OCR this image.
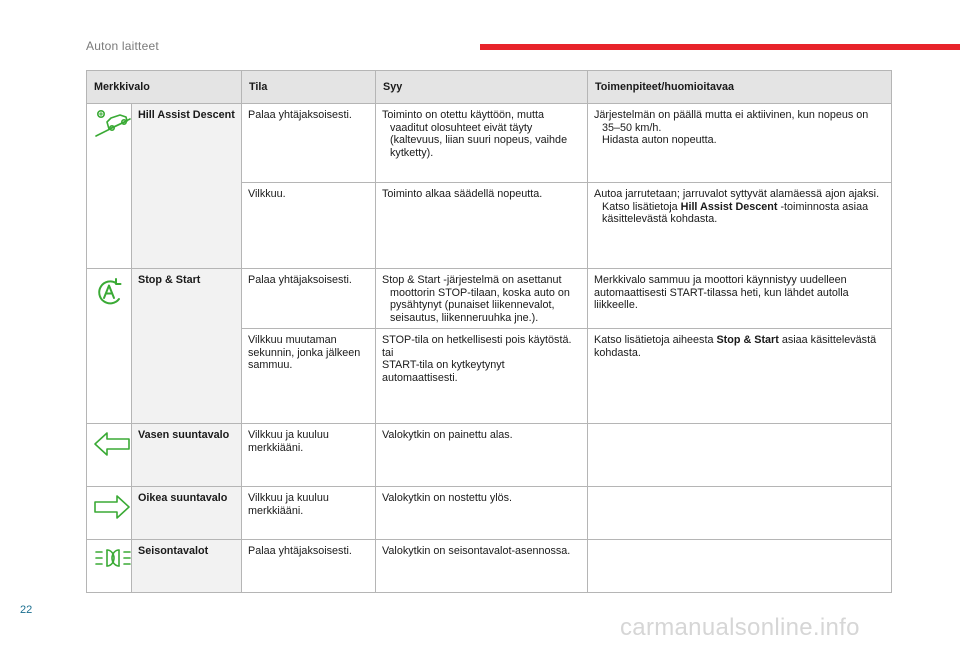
Auton laitteet
Merkkivalo		Tila	Syy	Toimenpiteet/huomioitavaa

	Hill Assist Descent	Palaa yhtäjaksoisesti.	Toiminto on otettu käyttöön, mutta vaaditut olosuhteet eivät täyty (kaltevuus, liian suuri nopeus, vaihde kytketty).	Järjestelmän on päällä mutta ei aktiivinen, kun nopeus on 35–50 km/h.
Hidasta auton nopeutta.

		Vilkkuu.	Toiminto alkaa säädellä nopeutta.	Autoa jarrutetaan; jarruvalot syttyvät alamäessä ajon ajaksi.
Katso lisätietoja Hill Assist Descent -toiminnosta asiaa käsittelevästä kohdasta.

	Stop & Start	Palaa yhtäjaksoisesti.	Stop & Start -järjestelmä on asettanut moottorin STOP-tilaan, koska auto on pysähtynyt (punaiset liikennevalot, seisautus, liikenneruuhka jne.).	Merkkivalo sammuu ja moottori käynnistyy uudelleen automaattisesti START-tilassa heti, kun lähdet autolla liikkeelle.
		Vilkkuu muutaman sekunnin, jonka jälkeen sammuu.	STOP-tila on hetkellisesti pois käytöstä.
tai
START-tila on kytkeytynyt automaattisesti.	Katso lisätietoja aiheesta Stop & Start asiaa käsittelevästä kohdasta.

	Vasen suuntavalo	Vilkkuu ja kuuluu merkkiääni.	Valokytkin on painettu alas.	

	Oikea suuntavalo	Vilkkuu ja kuuluu merkkiääni.	Valokytkin on nostettu ylös.	

	Seisontavalot	Palaa yhtäjaksoisesti.	Valokytkin on seisontavalot-asennossa.	

22
carmanualsonline.info
